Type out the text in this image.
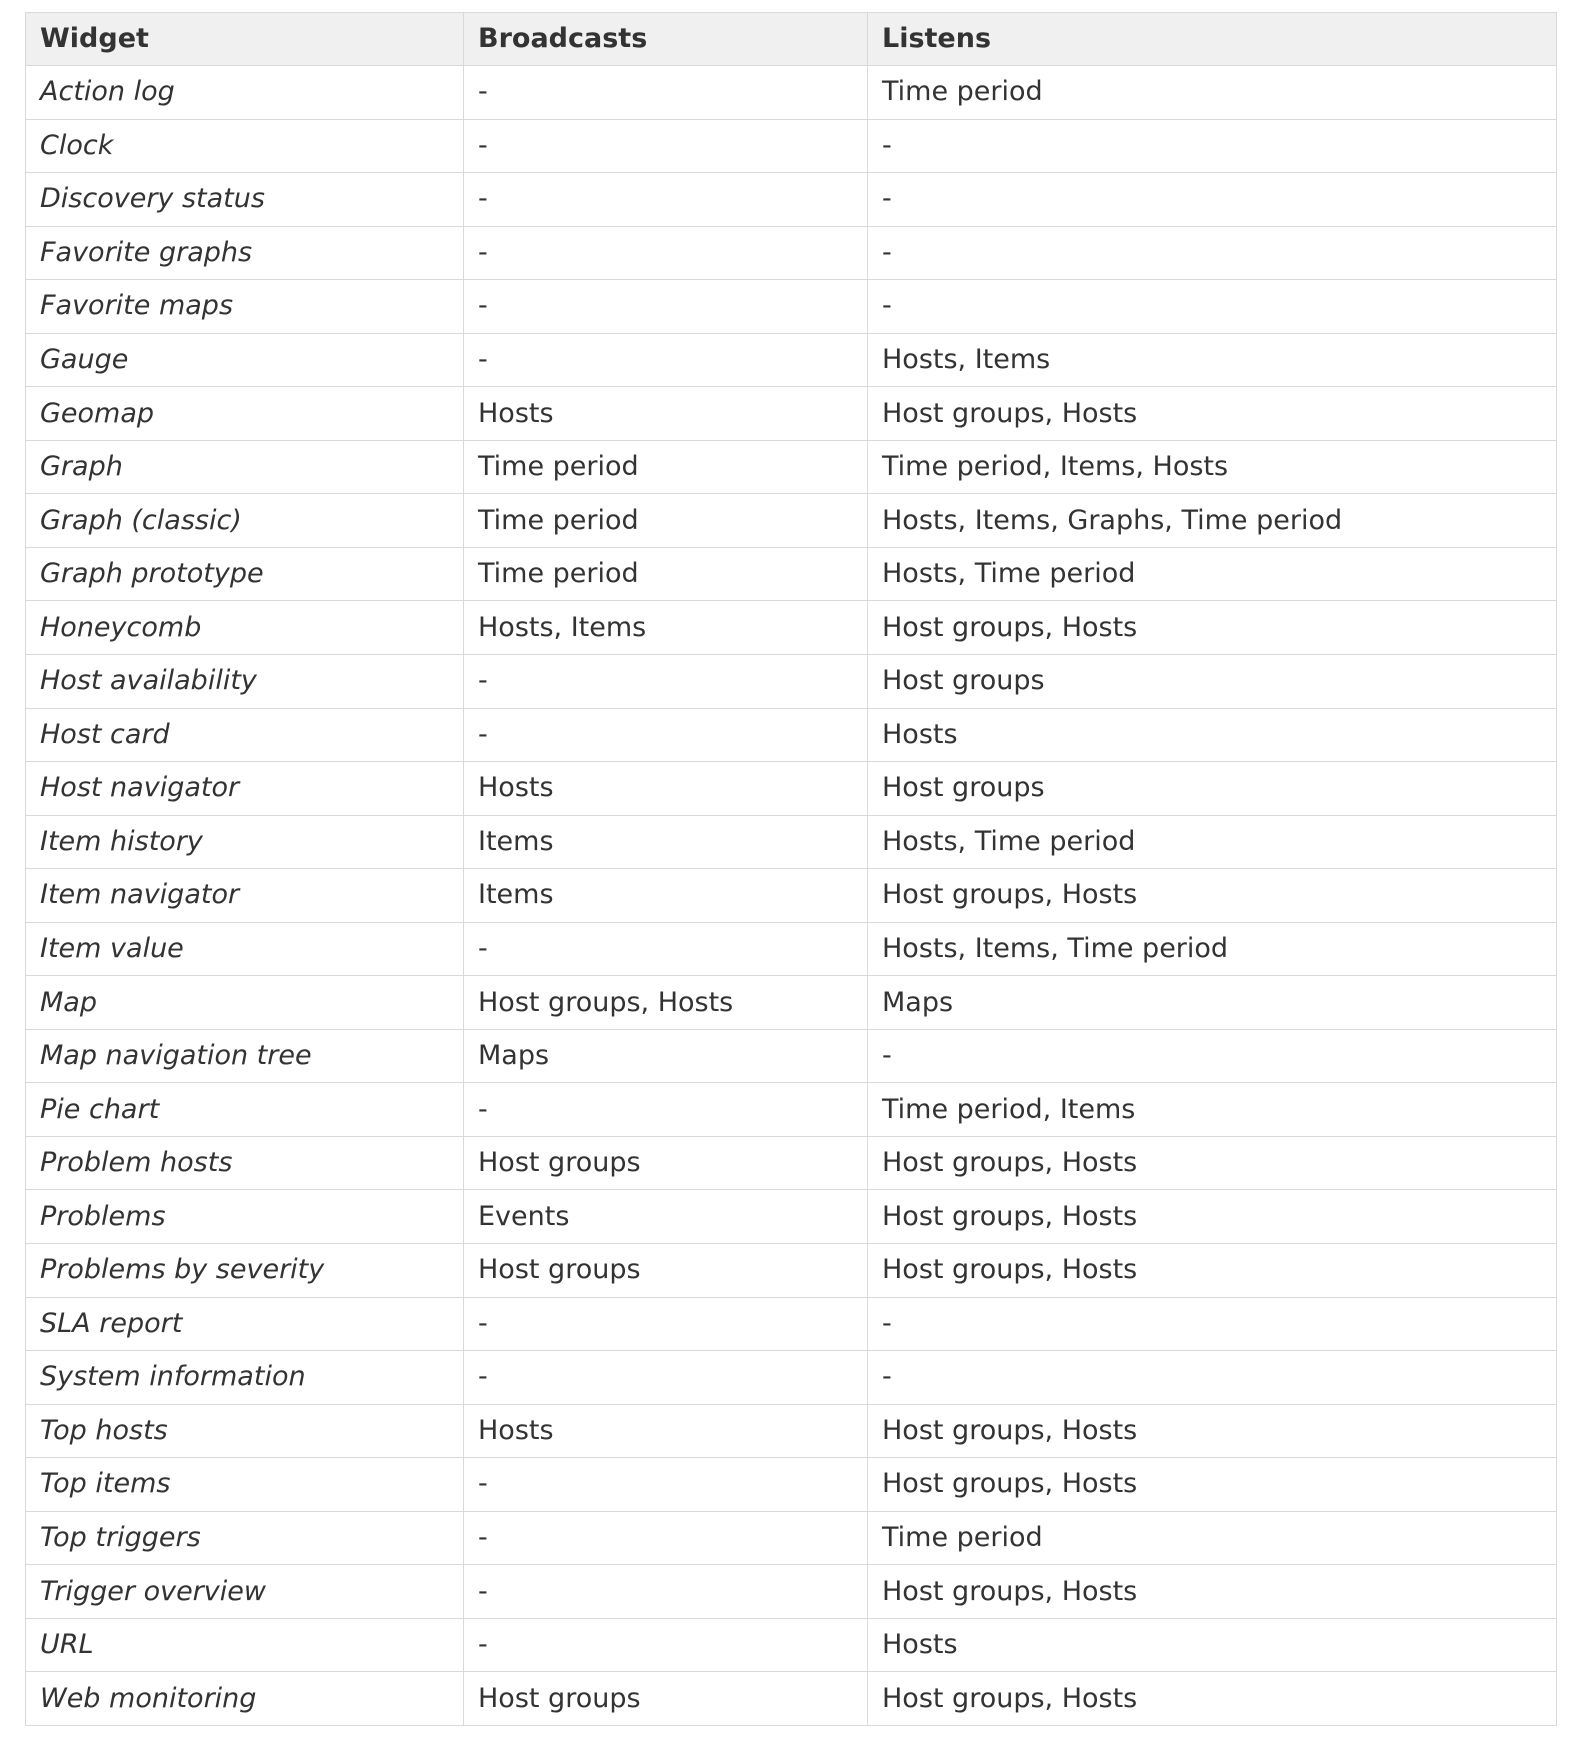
Widget	Broadcasts	Listens
Action log	-	Time period
Clock	-	-
Discovery status	-	-
Favorite graphs	-	-
Favorite maps	-	-
Gauge	-	Hosts, Items
Geomap	Hosts	Host groups, Hosts
Graph	Time period	Time period, Items, Hosts
Graph (classic)	Time period	Hosts, Items, Graphs, Time period
Graph prototype	Time period	Hosts, Time period
Honeycomb	Hosts, Items	Host groups, Hosts
Host availability	-	Host groups
Host card	-	Hosts
Host navigator	Hosts	Host groups
Item history	Items	Hosts, Time period
Item navigator	Items	Host groups, Hosts
Item value	-	Hosts, Items, Time period
Map	Host groups, Hosts	Maps
Map navigation tree	Maps	-
Pie chart	-	Time period, Items
Problem hosts	Host groups	Host groups, Hosts
Problems	Events	Host groups, Hosts
Problems by severity	Host groups	Host groups, Hosts
SLA report	-	-
System information	-	-
Top hosts	Hosts	Host groups, Hosts
Top items	-	Host groups, Hosts
Top triggers	-	Time period
Trigger overview	-	Host groups, Hosts
URL	-	Hosts
Web monitoring	Host groups	Host groups, Hosts
